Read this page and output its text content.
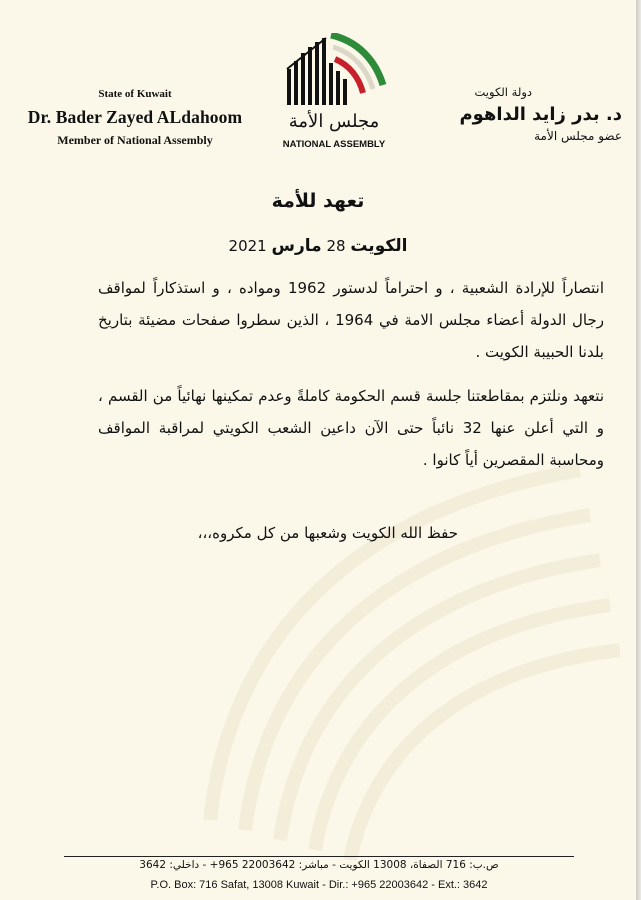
State of Kuwait
Dr. Bader Zayed ALdahoom
Member of National Assembly
مجلس الأمة
NATIONAL ASSEMBLY
دولة الكويت
د. بدر زايد الداهوم
عضو مجلس الأمة
تعهد للأمة
الكويت 28 مارس 2021
انتصاراً للإرادة الشعبية ، و احتراماً لدستور 1962 ومواده ، و استذكاراً لمواقف رجال الدولة أعضاء مجلس الامة في 1964 ، الذين سطروا صفحات مضيئة بتاريخ بلدنا الحبيبة الكويت .
نتعهد ونلتزم بمقاطعتنا جلسة قسم الحكومة كاملةً وعدم تمكينها نهائياً من القسم ، و التي أعلن عنها 32 نائباً حتى الآن داعين الشعب الكويتي لمراقبة المواقف ومحاسبة المقصرين أياً كانوا .
حفظ الله الكويت وشعبها من كل مكروه،،،
ص.ب: 716 الصفاة، 13008 الكويت - مباشر: 22003642 965+ - داخلي: 3642
P.O. Box: 716 Safat, 13008 Kuwait - Dir.: +965 22003642 - Ext.: 3642
